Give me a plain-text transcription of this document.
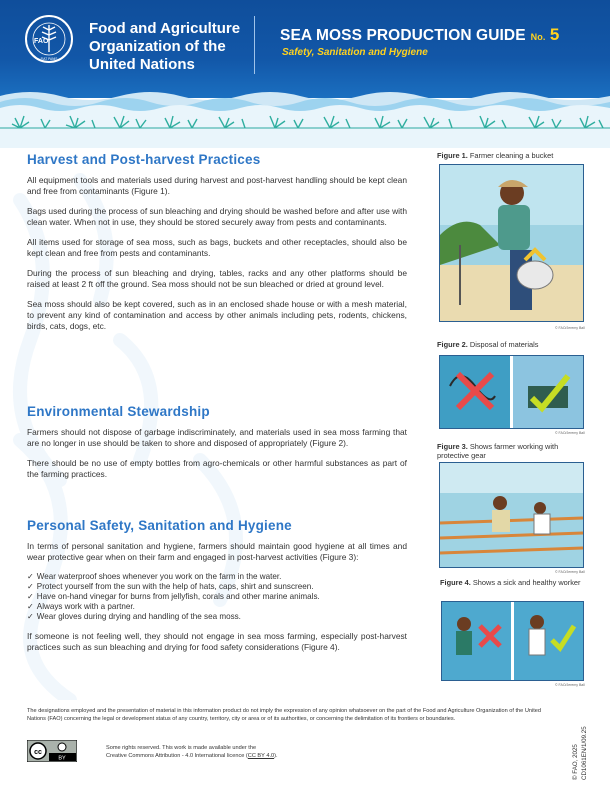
FAO
FIAT PANIS
Food and Agriculture
Organization of the
United Nations
SEA MOSS PRODUCTION GUIDE No. 5
Safety, Sanitation and Hygiene
Harvest and Post-harvest Practices

All equipment tools and materials used during harvest and post-harvest handling should be kept clean and free from contaminants (Figure 1).

Bags used during the process of sun bleaching and drying should be washed before and after use with clean water. When not in use, they should be stored securely away from pests and contaminants.

All items used for storage of sea moss, such as bags, buckets and other receptacles, should also be kept clean and free from pests and contaminants.

During the process of sun bleaching and drying, tables, racks and any other platforms should be raised at least 2 ft off the ground. Sea moss should not be sun bleached or dried at ground level.

Sea moss should also be kept covered, such as in an enclosed shade house or with a mesh material, to prevent any kind of contamination and access by other animals including pets, rodents, chickens, birds, cats, dogs, etc.

Environmental Stewardship

Farmers should not dispose of garbage indiscriminately, and materials used in sea moss farming that are no longer in use should be taken to shore and disposed of appropriately (Figure 2).

There should be no use of empty bottles from agro-chemicals or other harmful substances as part of the farming practices.

Personal Safety, Sanitation and Hygiene

In terms of personal sanitation and hygiene, farmers should maintain good hygiene at all times and wear protective gear when on their farm and engaged in post-harvest activities (Figure 3):

✓ Wear waterproof shoes whenever you work on the farm in the water.
✓ Protect yourself from the sun with the help of hats, caps, shirt and sunscreen.
✓ Have on-hand vinegar for burns from jellyfish, corals and other marine animals.
✓ Always work with a partner.
✓ Wear gloves during drying and handling of the sea moss.

If someone is not feeling well, they should not engage in sea moss farming, especially post-harvest practices such as sun bleaching and drying for food safety considerations (Figure 4).

Figure 1. Farmer cleaning a bucket
© FAO/Jeremy Ball
Figure 2. Disposal of materials
© FAO/Jeremy Ball
Figure 3. Shows farmer working with protective gear
© FAO/Jeremy Ball
Figure 4. Shows a sick and healthy worker
© FAO/Jeremy Ball
The designations employed and the presentation of material in this information product do not imply the expression of any opinion whatsoever on the part of the Food and Agriculture Organization of the United Nations (FAO) concerning the legal or development status of any country, territory, city or area or of its authorities, or concerning the delimitation of its frontiers or boundaries.
cc
BY
Some rights reserved. This work is made available under the
Creative Commons Attribution - 4.0 International licence (CC BY 4.0).	© FAO, 2025 CD1061EN/1/09.25
